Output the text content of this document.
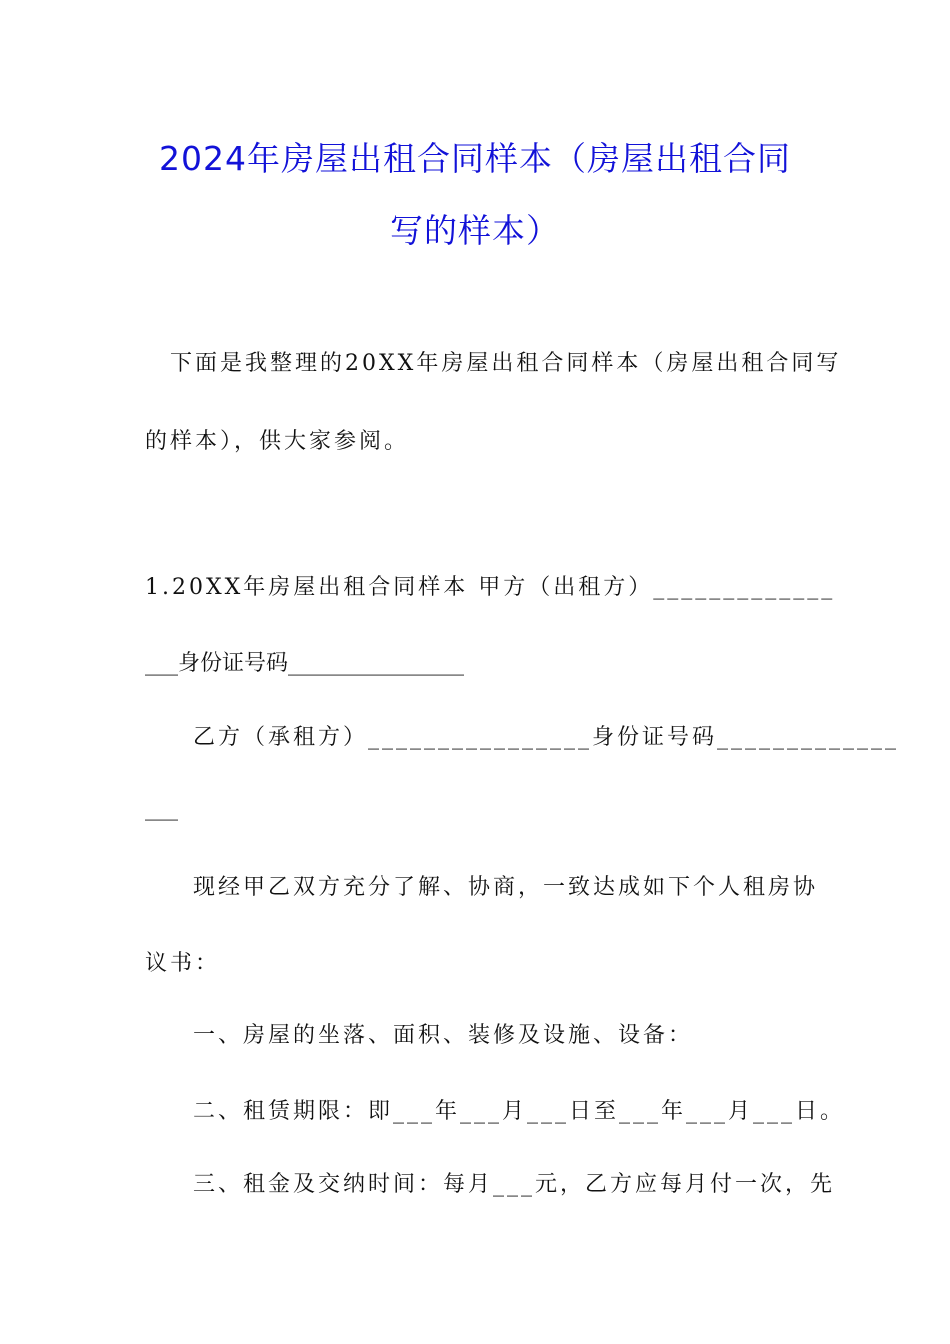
2024年房屋出租合同样本（房屋出租合同
写的样本）
下面是我整理的20XX年房屋出租合同样本（房屋出租合同写
的样本），供大家参阅。
1.20XX年房屋出租合同样本 甲方（出租方）_____________
___身份证号码________________
乙方（承租方）________________身份证号码_____________
___
现经甲乙双方充分了解、协商，一致达成如下个人租房协
议书：
一、房屋的坐落、面积、装修及设施、设备：
二、租赁期限：即___年___月___日至___年___月___日。
三、租金及交纳时间：每月___元，乙方应每月付一次，先
